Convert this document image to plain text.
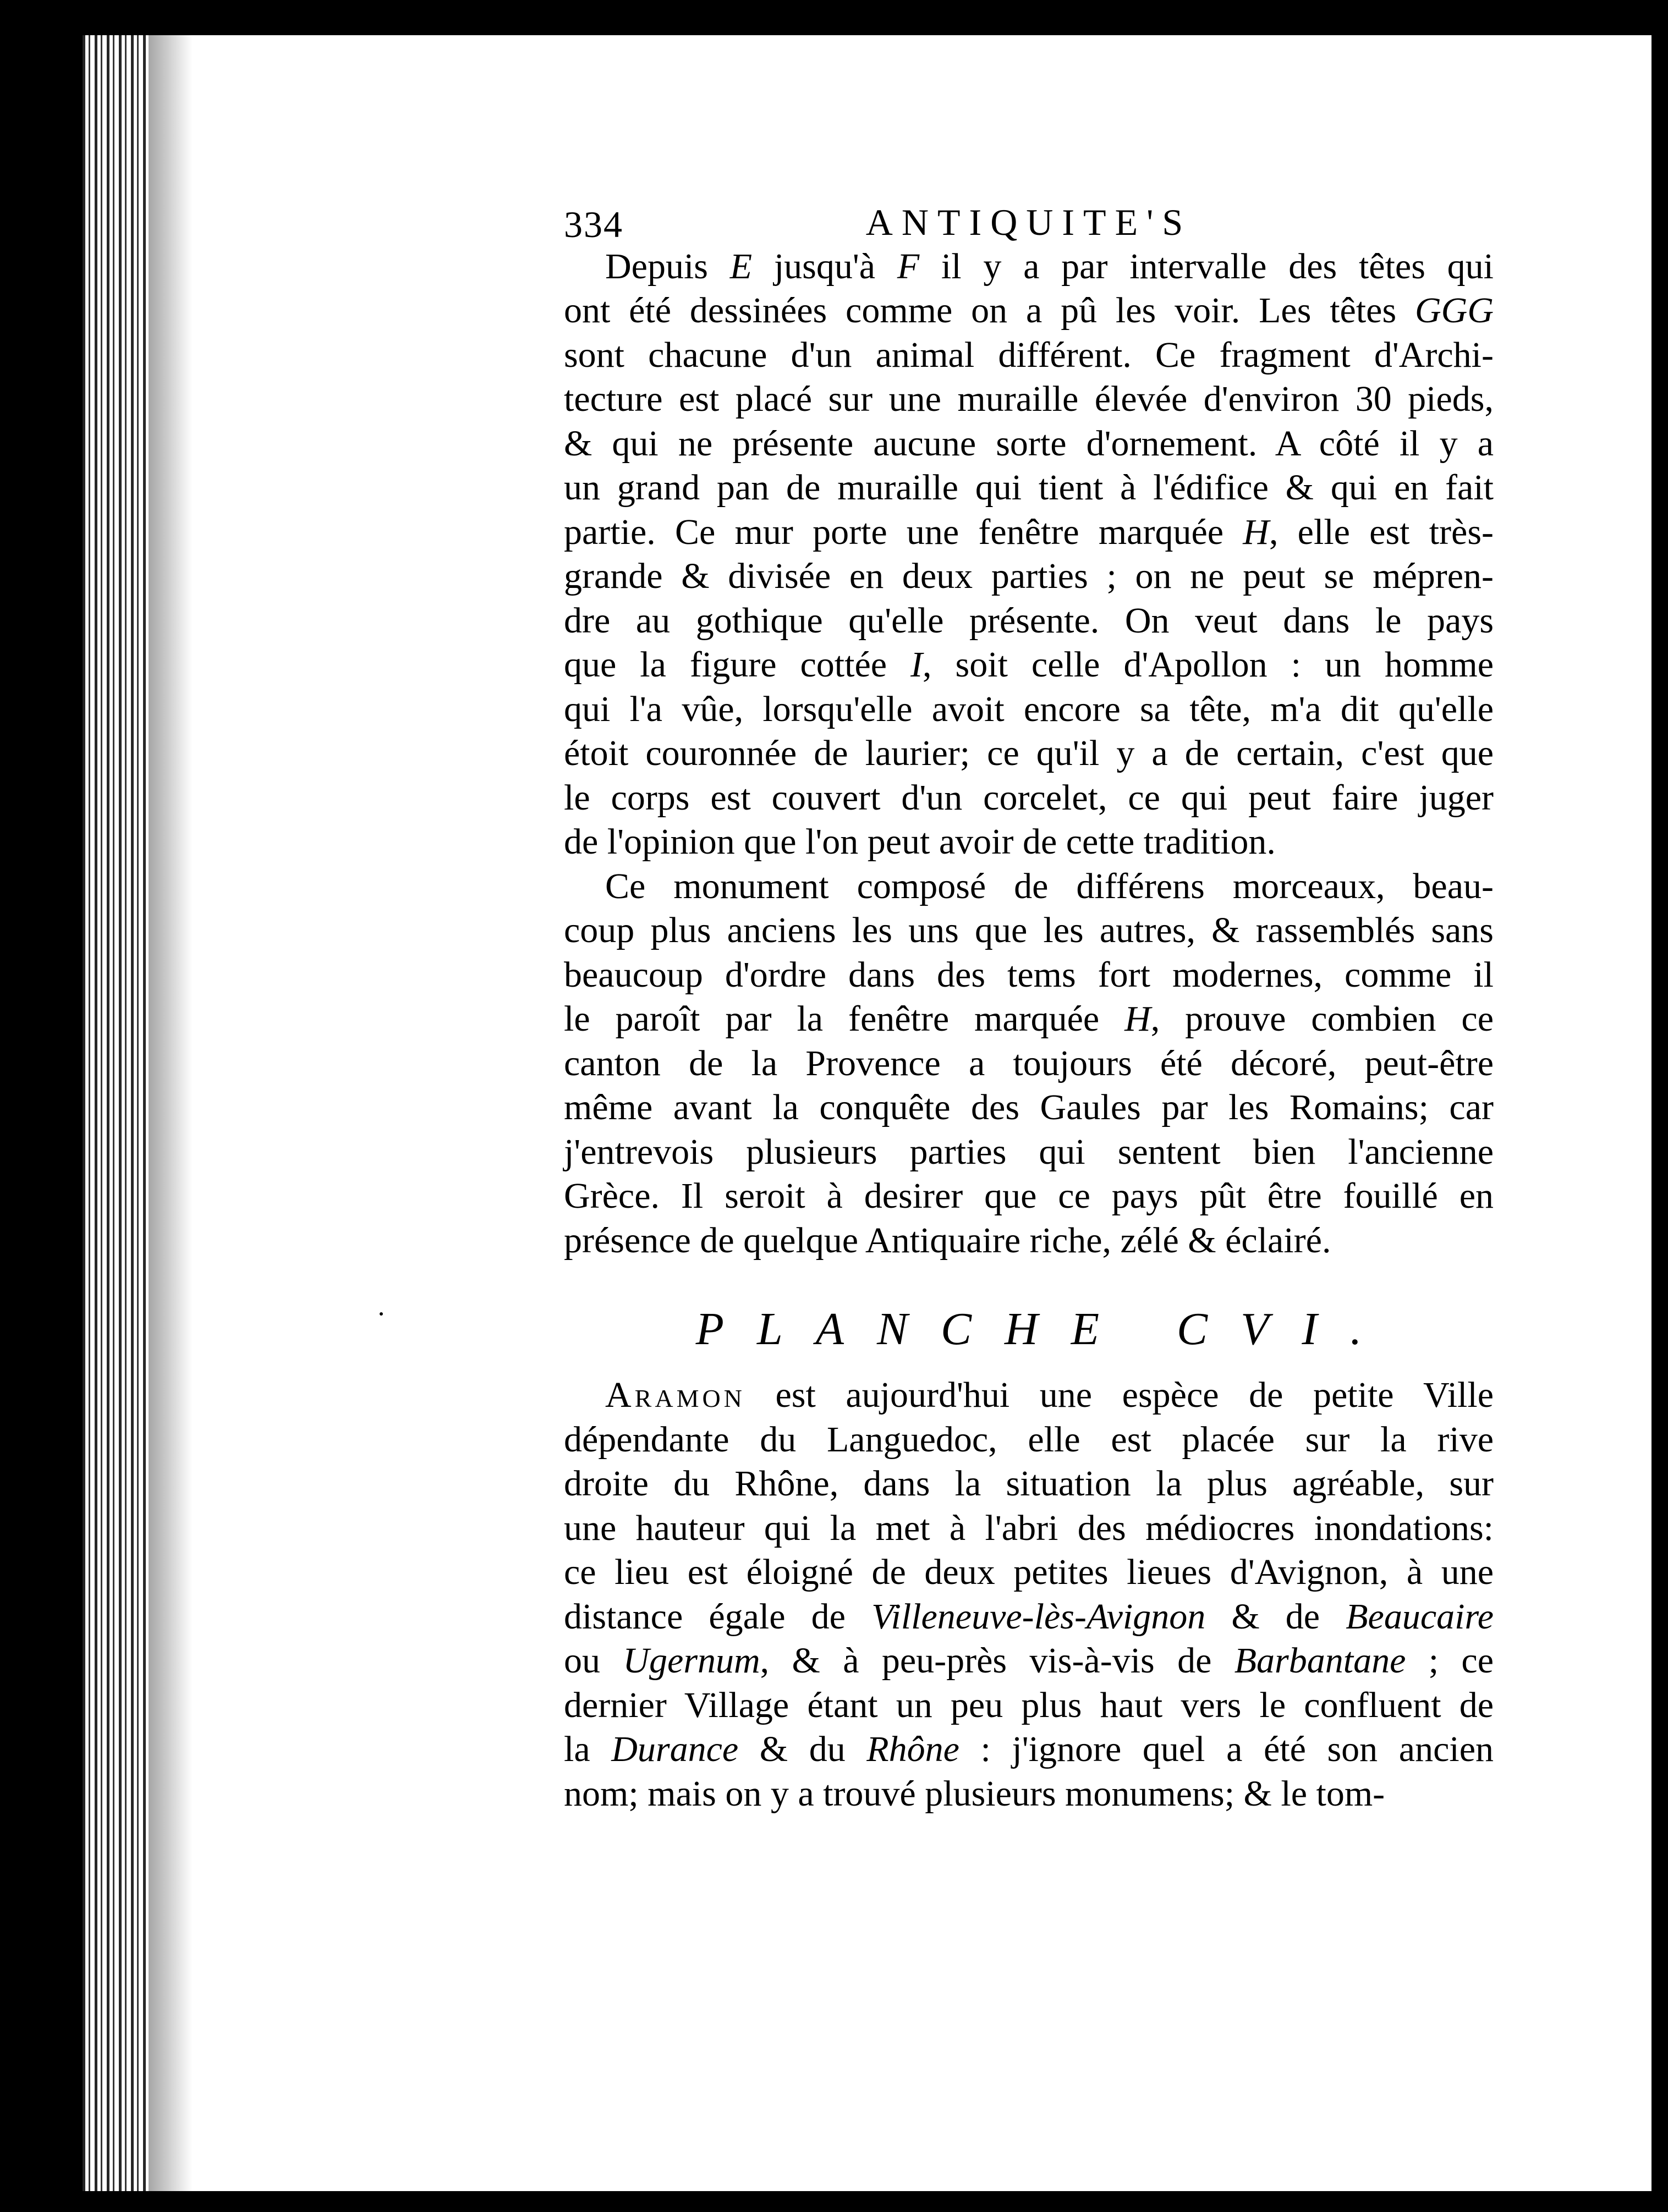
334	ANTIQUITE'S
Depuis E jusqu'à F il y a par intervalle des têtes qui
ont été dessinées comme on a pû les voir. Les têtes GGG
sont chacune d'un animal différent. Ce fragment d'Archi-
tecture est placé sur une muraille élevée d'environ 30 pieds,
& qui ne présente aucune sorte d'ornement. A côté il y a
un grand pan de muraille qui tient à l'édifice & qui en fait
partie. Ce mur porte une fenêtre marquée H, elle est très-
grande & divisée en deux parties ; on ne peut se mépren-
dre au gothique qu'elle présente. On veut dans le pays
que la figure cottée I, soit celle d'Apollon : un homme
qui l'a vûe, lorsqu'elle avoit encore sa tête, m'a dit qu'elle
étoit couronnée de laurier; ce qu'il y a de certain, c'est que
le corps est couvert d'un corcelet, ce qui peut faire juger
de l'opinion que l'on peut avoir de cette tradition.
Ce monument composé de différens morceaux, beau-
coup plus anciens les uns que les autres, & rassemblés sans
beaucoup d'ordre dans des tems fort modernes, comme il
le paroît par la fenêtre marquée H, prouve combien ce
canton de la Provence a toujours été décoré, peut-être
même avant la conquête des Gaules par les Romains; car
j'entrevois plusieurs parties qui sentent bien l'ancienne
Grèce. Il seroit à desirer que ce pays pût être fouillé en
présence de quelque Antiquaire riche, zélé & éclairé.
PLANCHE CVI.
Aramon est aujourd'hui une espèce de petite Ville
dépendante du Languedoc, elle est placée sur la rive
droite du Rhône, dans la situation la plus agréable, sur
une hauteur qui la met à l'abri des médiocres inondations:
ce lieu est éloigné de deux petites lieues d'Avignon, à une
distance égale de Villeneuve-lès-Avignon & de Beaucaire
ou Ugernum, & à peu-près vis-à-vis de Barbantane ; ce
dernier Village étant un peu plus haut vers le confluent de
la Durance & du Rhône : j'ignore quel a été son ancien
nom; mais on y a trouvé plusieurs monumens; & le tom-
